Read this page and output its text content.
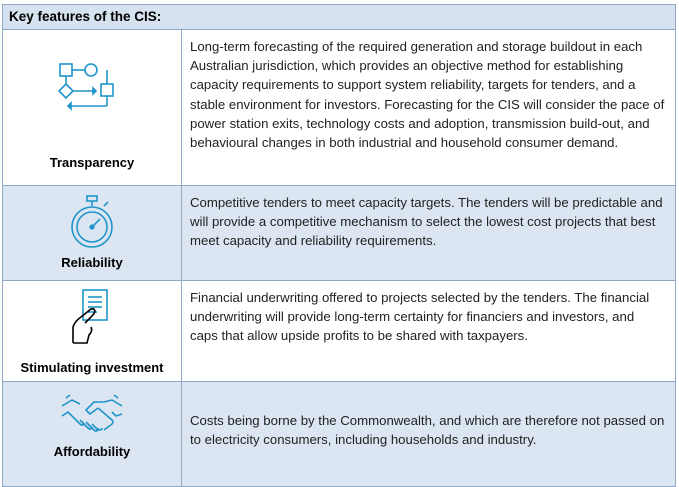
Key features of the CIS:
Transparency
Long-term forecasting of the required generation and storage buildout in each Australian jurisdiction, which provides an objective method for establishing capacity requirements to support system reliability, targets for tenders, and a stable environment for investors. Forecasting for the CIS will consider the pace of power station exits, technology costs and adoption, transmission build-out, and behavioural changes in both industrial and household consumer demand.
Reliability
Competitive tenders to meet capacity targets. The tenders will be predictable and will provide a competitive mechanism to select the lowest cost projects that best meet capacity and reliability requirements.
Stimulating investment
Financial underwriting offered to projects selected by the tenders. The financial underwriting will provide long-term certainty for financiers and investors, and caps that allow upside profits to be shared with taxpayers.
Affordability
Costs being borne by the Commonwealth, and which are therefore not passed on to electricity consumers, including households and industry.
